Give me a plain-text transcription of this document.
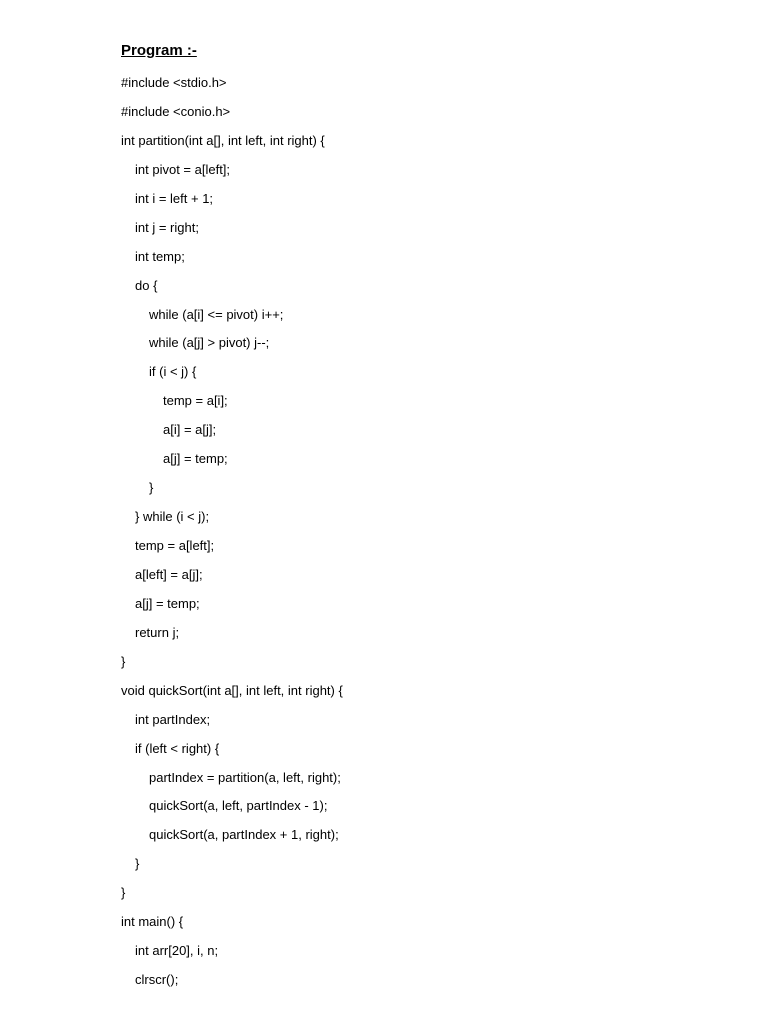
Program :-
#include <stdio.h>
#include <conio.h>
int partition(int a[], int left, int right) {
int pivot = a[left];
int i = left + 1;
int j = right;
int temp;
do {
while (a[i] <= pivot) i++;
while (a[j] > pivot) j--;
if (i < j) {
temp = a[i];
a[i] = a[j];
a[j] = temp;
}
} while (i < j);
temp = a[left];
a[left] = a[j];
a[j] = temp;
return j;
}
void quickSort(int a[], int left, int right) {
int partIndex;
if (left < right) {
partIndex = partition(a, left, right);
quickSort(a, left, partIndex - 1);
quickSort(a, partIndex + 1, right);
}
}
int main() {
int arr[20], i, n;
clrscr();
